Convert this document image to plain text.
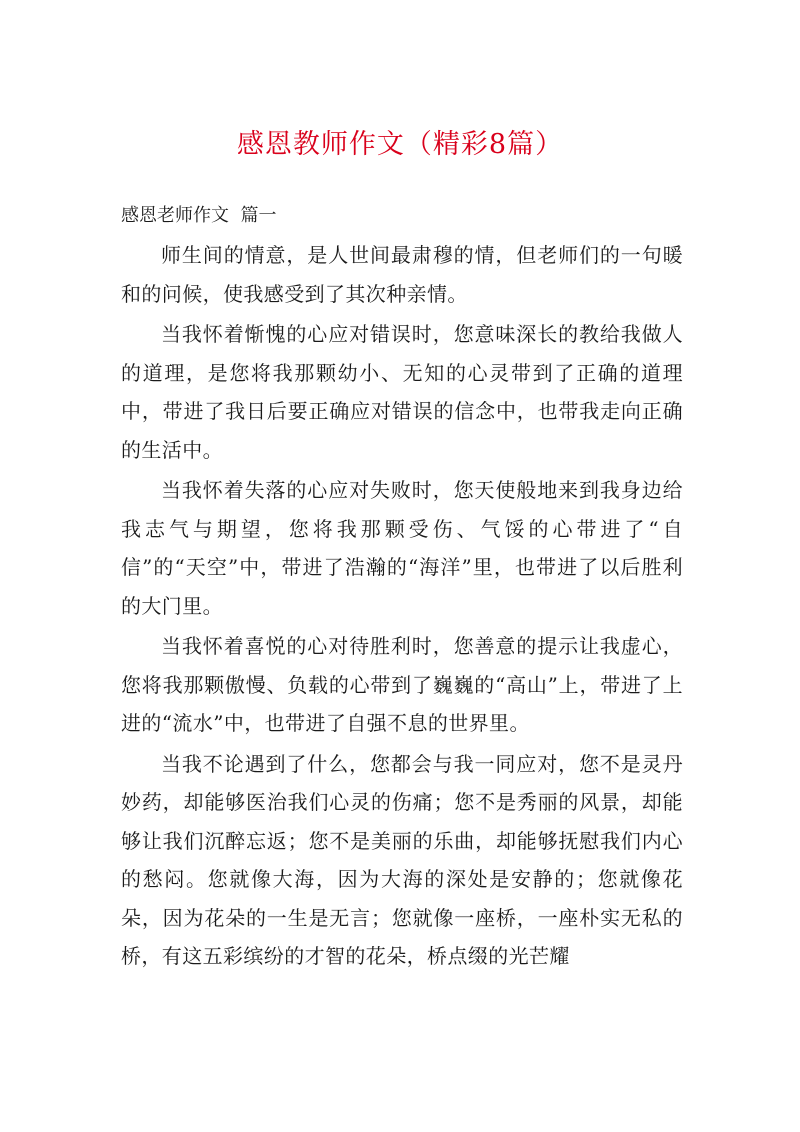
感恩教师作文（精彩8篇）
感恩老师作文  篇一

师生间的情意，是人世间最肃穆的情，但老师们的一句暖和的问候，使我感受到了其次种亲情。

当我怀着惭愧的心应对错误时，您意味深长的教给我做人的道理，是您将我那颗幼小、无知的心灵带到了正确的道理中，带进了我日后要正确应对错误的信念中，也带我走向正确的生活中。

当我怀着失落的心应对失败时，您天使般地来到我身边给我志气与期望，您将我那颗受伤、气馁的心带进了“自信”的“天空”中，带进了浩瀚的“海洋”里，也带进了以后胜利的大门里。

当我怀着喜悦的心对待胜利时，您善意的提示让我虚心，您将我那颗傲慢、负载的心带到了巍巍的“高山”上，带进了上进的“流水”中，也带进了自强不息的世界里。

当我不论遇到了什么，您都会与我一同应对，您不是灵丹妙药，却能够医治我们心灵的伤痛；您不是秀丽的风景，却能够让我们沉醉忘返；您不是美丽的乐曲，却能够抚慰我们内心的愁闷。您就像大海，因为大海的深处是安静的；您就像花朵，因为花朵的一生是无言；您就像一座桥，一座朴实无私的桥，有这五彩缤纷的才智的花朵，桥点缀的光芒耀
